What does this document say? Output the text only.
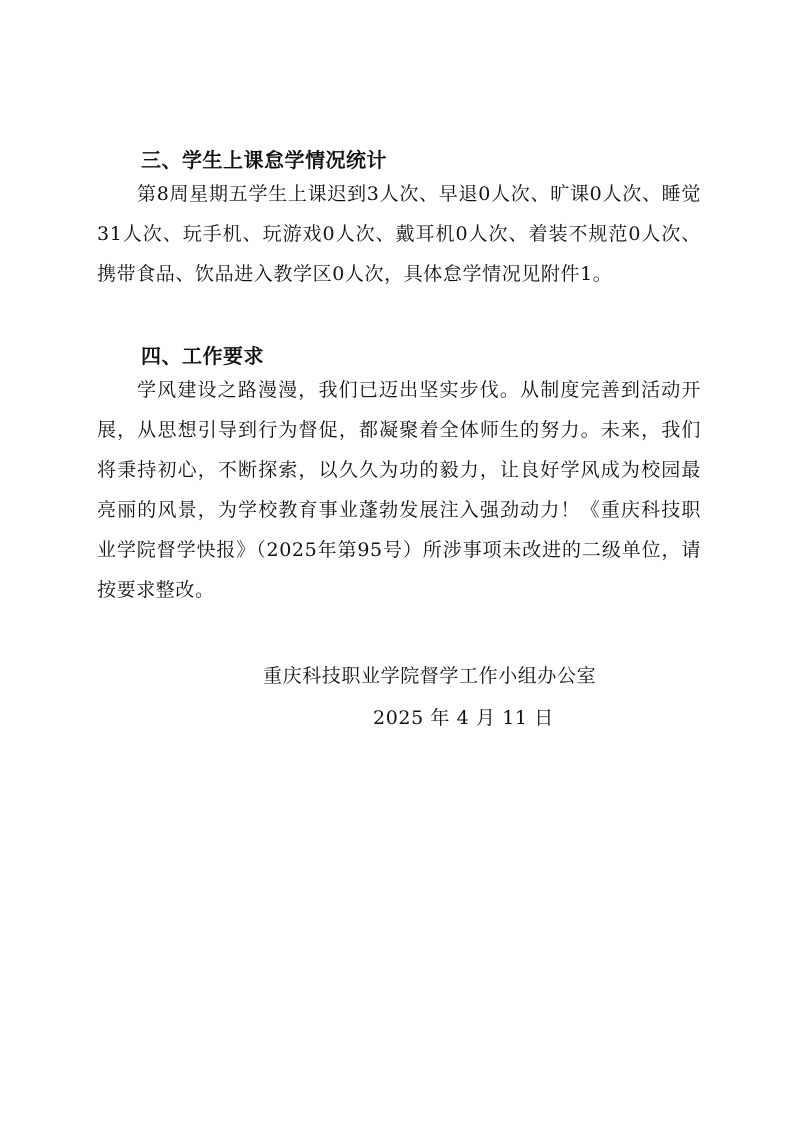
三、学生上课怠学情况统计

第8周星期五学生上课迟到3人次、早退0人次、旷课0人次、睡觉31人次、玩手机、玩游戏0人次、戴耳机0人次、着装不规范0人次、携带食品、饮品进入教学区0人次，具体怠学情况见附件1。

四、工作要求

学风建设之路漫漫，我们已迈出坚实步伐。从制度完善到活动开展，从思想引导到行为督促，都凝聚着全体师生的努力。未来，我们将秉持初心，不断探索，以久久为功的毅力，让良好学风成为校园最亮丽的风景，为学校教育事业蓬勃发展注入强劲动力！《重庆科技职业学院督学快报》（2025年第95号）所涉事项未改进的二级单位，请按要求整改。

重庆科技职业学院督学工作小组办公室

2025 年 4 月 11 日
